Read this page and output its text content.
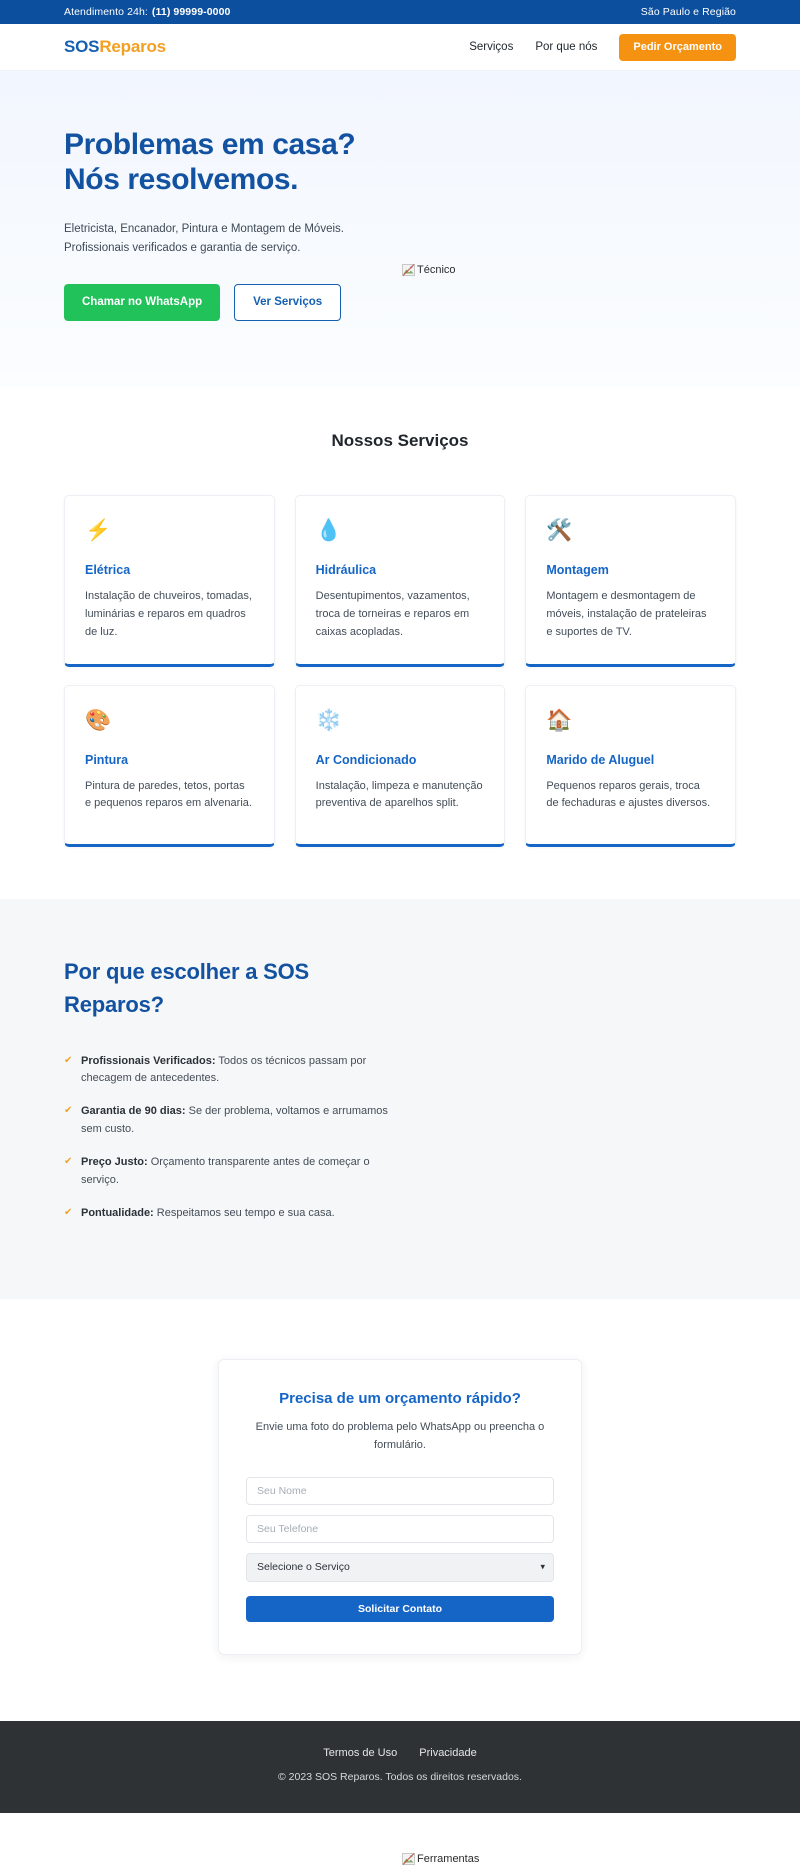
Atendimento 24h: (11) 99999-0000	São Paulo e Região
SOSReparos	Serviços Por que nós	Pedir Orçamento
Problemas em casa?
Nós resolvemos.

Eletricista, Encanador, Pintura e Montagem de Móveis. Profissionais verificados e garantia de serviço.

Chamar no WhatsApp	Ver Serviços
Técnico
Nossos Serviços
⚡
Elétrica

Instalação de chuveiros, tomadas, luminárias e reparos em quadros de luz.

💧
Hidráulica

Desentupimentos, vazamentos, troca de torneiras e reparos em caixas acopladas.

🛠️
Montagem

Montagem e desmontagem de móveis, instalação de prateleiras e suportes de TV.

🎨
Pintura

Pintura de paredes, tetos, portas e pequenos reparos em alvenaria.

❄️
Ar Condicionado

Instalação, limpeza e manutenção preventiva de aparelhos split.

🏠
Marido de Aluguel

Pequenos reparos gerais, troca de fechaduras e ajustes diversos.

Por que escolher a SOS Reparos?
✔ Profissionais Verificados: Todos os técnicos passam por checagem de antecedentes.
✔ Garantia de 90 dias: Se der problema, voltamos e arrumamos sem custo.
✔ Preço Justo: Orçamento transparente antes de começar o serviço.
✔ Pontualidade: Respeitamos seu tempo e sua casa.
Ferramentas
Precisa de um orçamento rápido?

Envie uma foto do problema pelo WhatsApp ou preencha o formulário.

Seu Nome
Seu Telefone
Selecione o Serviço
▾
Solicitar Contato
Termos de Uso Privacidade
© 2023 SOS Reparos. Todos os direitos reservados.
